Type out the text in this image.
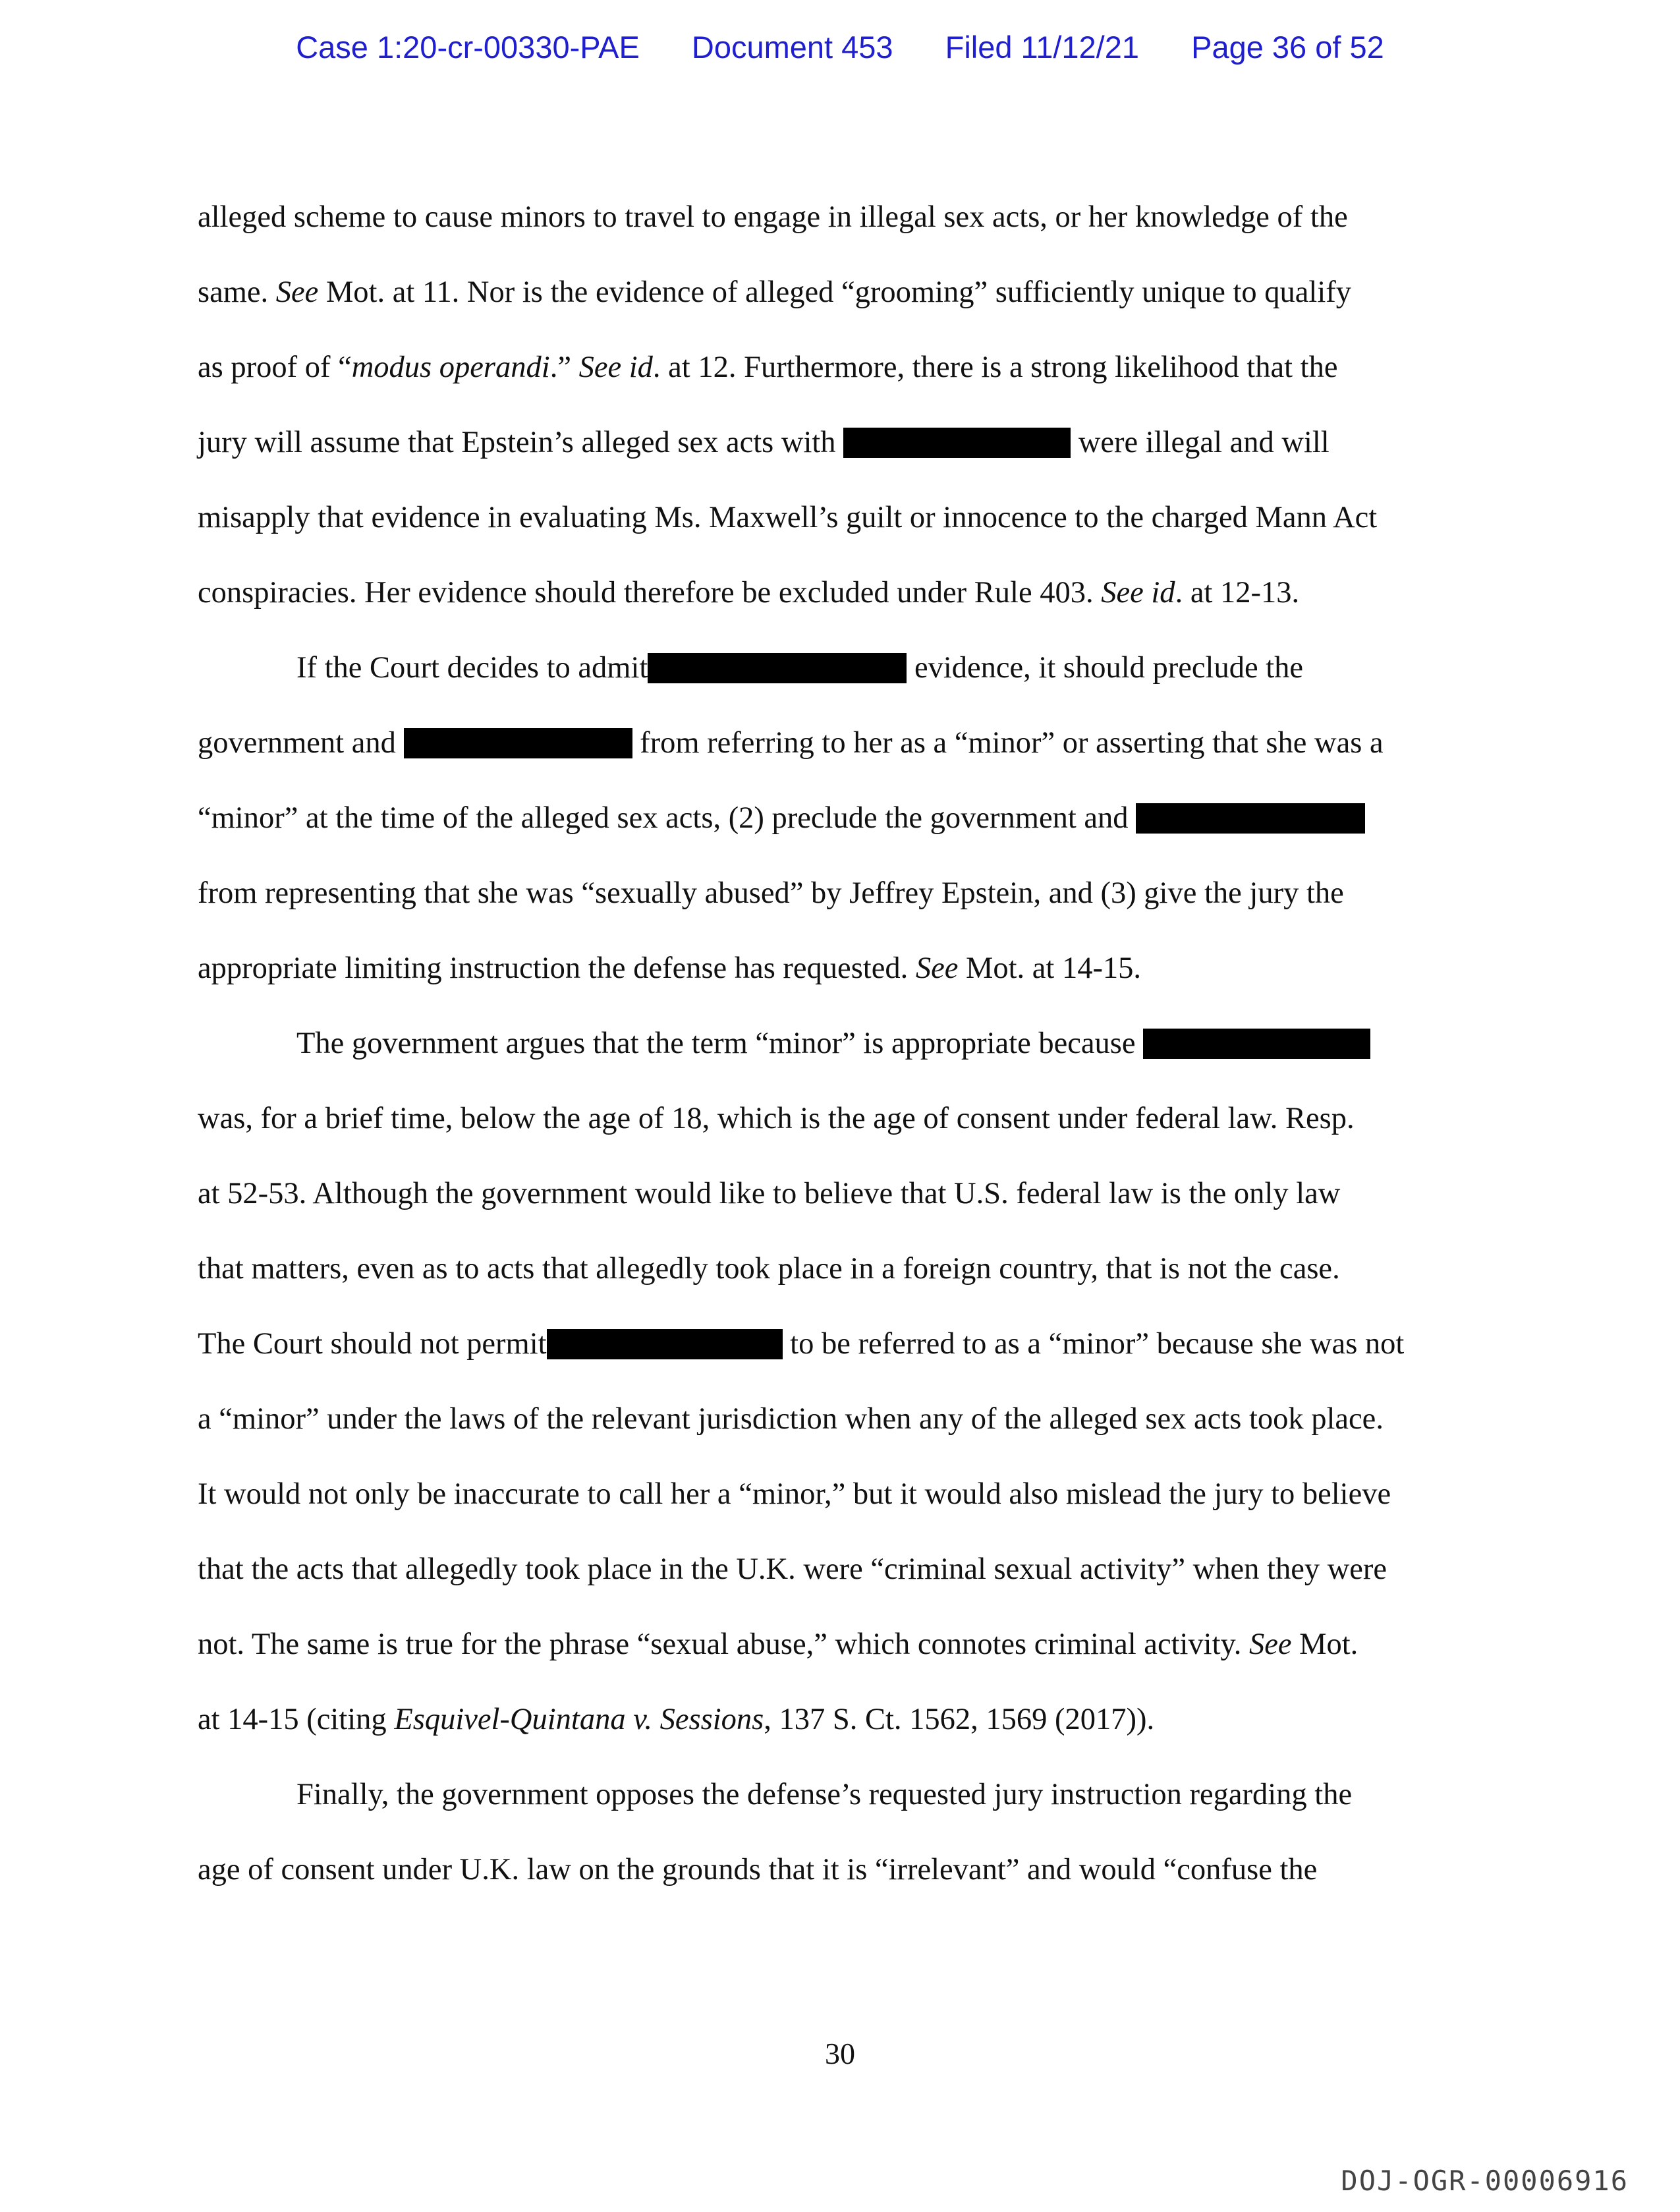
Case 1:20-cr-00330-PAE Document 453 Filed 11/12/21 Page 36 of 52
alleged scheme to cause minors to travel to engage in illegal sex acts, or her knowledge of the
same. See Mot. at 11. Nor is the evidence of alleged “grooming” sufficiently unique to qualify
as proof of “modus operandi.” See id. at 12. Furthermore, there is a strong likelihood that the
jury will assume that Epstein’s alleged sex acts with	were illegal and will
misapply that evidence in evaluating Ms. Maxwell’s guilt or innocence to the charged Mann Act
conspiracies. Her evidence should therefore be excluded under Rule 403. See id. at 12-13.
If the Court decides to admit	evidence, it should preclude the
government and	from referring to her as a “minor” or asserting that she was a
“minor” at the time of the alleged sex acts, (2) preclude the government and
from representing that she was “sexually abused” by Jeffrey Epstein, and (3) give the jury the
appropriate limiting instruction the defense has requested. See Mot. at 14-15.
The government argues that the term “minor” is appropriate because
was, for a brief time, below the age of 18, which is the age of consent under federal law. Resp.
at 52-53. Although the government would like to believe that U.S. federal law is the only law
that matters, even as to acts that allegedly took place in a foreign country, that is not the case.
The Court should not permit	to be referred to as a “minor” because she was not
a “minor” under the laws of the relevant jurisdiction when any of the alleged sex acts took place.
It would not only be inaccurate to call her a “minor,” but it would also mislead the jury to believe
that the acts that allegedly took place in the U.K. were “criminal sexual activity” when they were
not. The same is true for the phrase “sexual abuse,” which connotes criminal activity. See Mot.
at 14-15 (citing Esquivel-Quintana v. Sessions, 137 S. Ct. 1562, 1569 (2017)).
Finally, the government opposes the defense’s requested jury instruction regarding the
age of consent under U.K. law on the grounds that it is “irrelevant” and would “confuse the
30
DOJ-OGR-00006916
